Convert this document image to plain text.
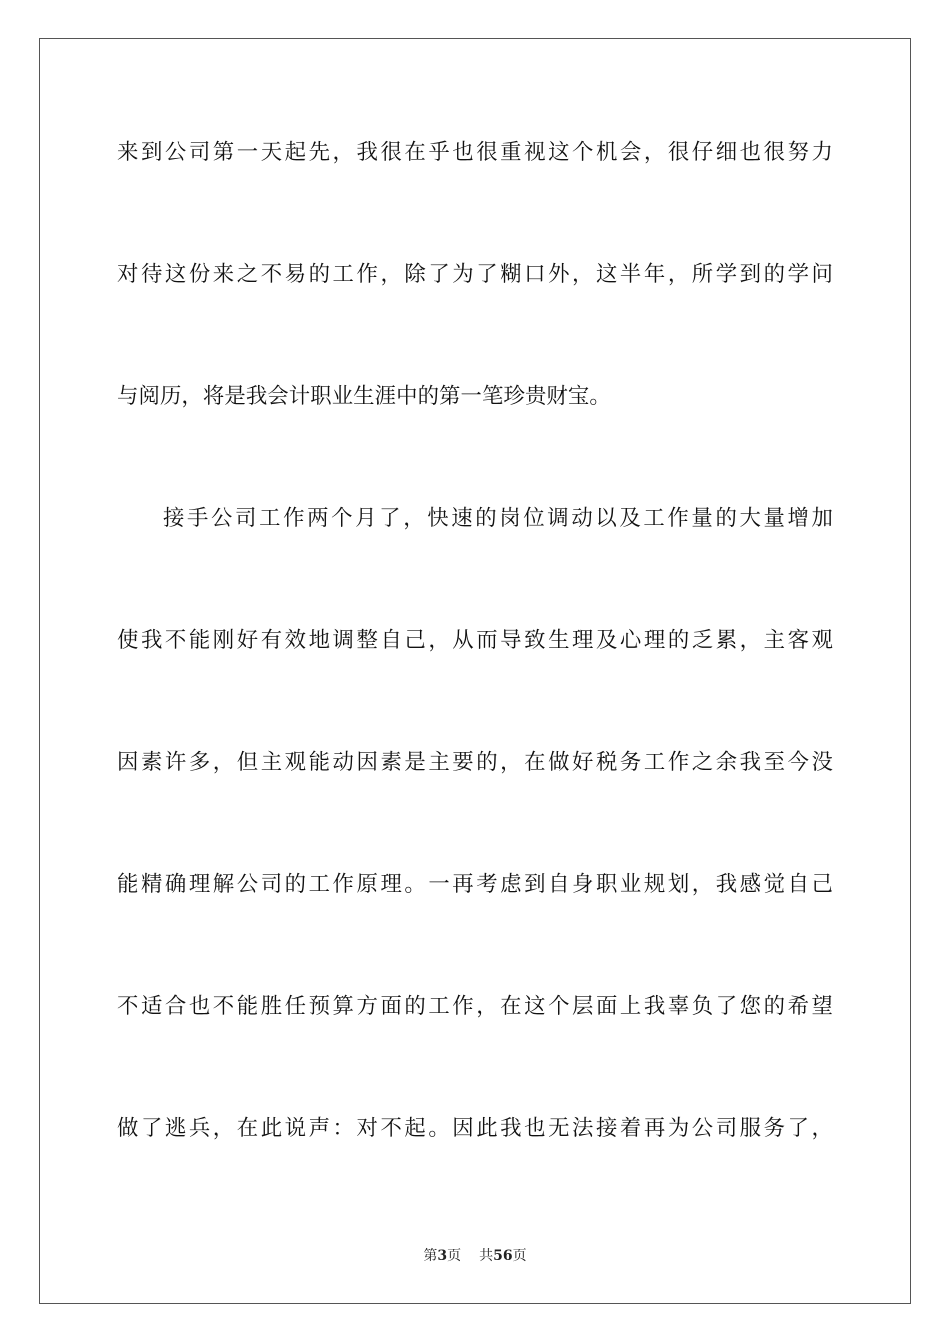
来到公司第一天起先，我很在乎也很重视这个机会，很仔细也很努力
对待这份来之不易的工作，除了为了糊口外，这半年，所学到的学问
与阅历，将是我会计职业生涯中的第一笔珍贵财宝。
接手公司工作两个月了，快速的岗位调动以及工作量的大量增加
使我不能刚好有效地调整自己，从而导致生理及心理的乏累，主客观
因素许多，但主观能动因素是主要的，在做好税务工作之余我至今没
能精确理解公司的工作原理。一再考虑到自身职业规划，我感觉自己
不适合也不能胜任预算方面的工作，在这个层面上我辜负了您的希望
做了逃兵，在此说声：对不起。因此我也无法接着再为公司服务了，
第3页 共56页
